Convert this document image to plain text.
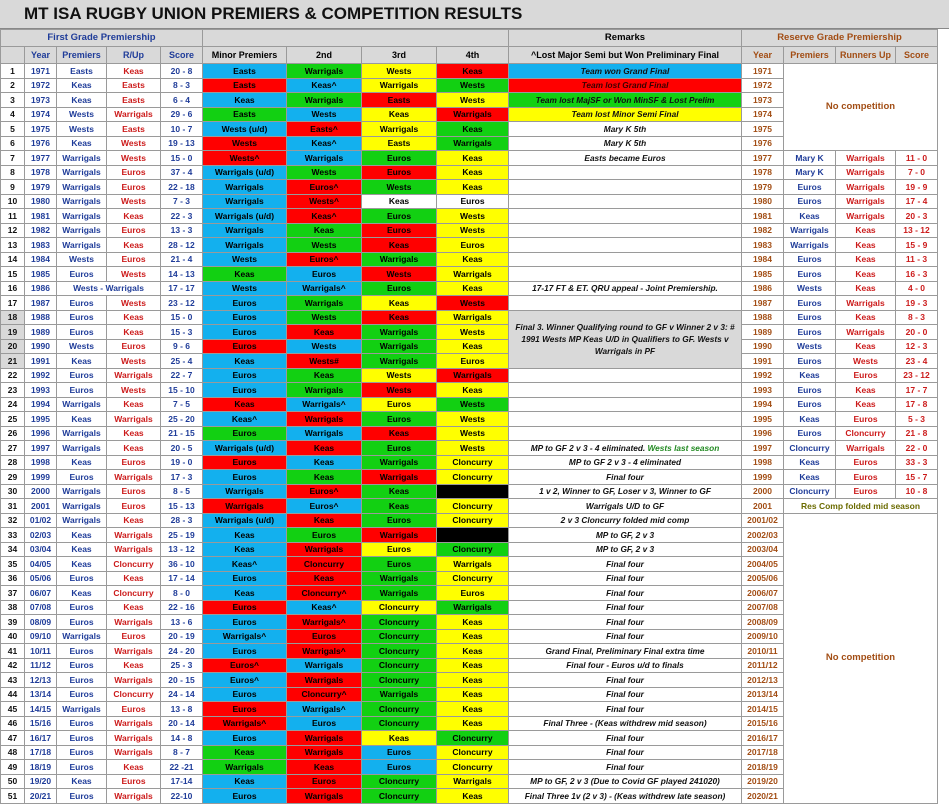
MT ISA RUGBY UNION PREMIERS & COMPETITION RESULTS
First Grade Premiership									Remarks	Reserve Grade Premiership			
	Year	Premiers	R/Up	Score	Minor Premiers	2nd	3rd	4th	^Lost Major Semi but Won Preliminary Final	Year	Premiers	Runners Up	Score
1	1971	Easts	Keas	20 - 8	Easts	Warrigals	Wests	Keas	Team won Grand Final	1971	No competition		
2	1972	Keas	Easts	8 - 3	Easts	Keas^	Warrigals	Wests	Team lost Grand Final	1972			
3	1973	Keas	Easts	6 - 4	Keas	Warrigals	Easts	Wests	Team lost MajSF or Won MinSF & Lost Prelim	1973			
4	1974	Wests	Warrigals	29 - 6	Easts	Wests	Keas	Warrigals	Team lost Minor Semi Final	1974			
5	1975	Wests	Easts	10 - 7	Wests (u/d)	Easts^	Warrigals	Keas	Mary K 5th	1975			
6	1976	Keas	Wests	19 - 13	Wests	Keas^	Easts	Warrigals	Mary K 5th	1976			
7	1977	Warrigals	Wests	15 - 0	Wests^	Warrigals	Euros	Keas	Easts became Euros	1977	Mary K	Warrigals	11 - 0
8	1978	Warrigals	Euros	37 - 4	Warrigals (u/d)	Wests	Euros	Keas		1978	Mary K	Warrigals	7 - 0
9	1979	Warrigals	Euros	22 - 18	Warrigals	Euros^	Wests	Keas		1979	Euros	Warrigals	19 - 9
10	1980	Warrigals	Wests	7 - 3	Warrigals	Wests^	Keas	Euros		1980	Euros	Warrigals	17 - 4
11	1981	Warrigals	Keas	22 - 3	Warrigals (u/d)	Keas^	Euros	Wests		1981	Keas	Warrigals	20 - 3
12	1982	Warrigals	Euros	13 - 3	Warrigals	Keas	Euros	Wests		1982	Warrigals	Keas	13 - 12
13	1983	Warrigals	Keas	28 - 12	Warrigals	Wests	Keas	Euros		1983	Warrigals	Keas	15 - 9
14	1984	Wests	Euros	21 - 4	Wests	Euros^	Warrigals	Keas		1984	Euros	Keas	11 - 3
15	1985	Euros	Wests	14 - 13	Keas	Euros	Wests	Warrigals		1985	Euros	Keas	16 - 3
16	1986	Wests - Warrigals		17 - 17	Wests	Warrigals^	Euros	Keas	17-17 FT & ET. QRU appeal - Joint Premiership.	1986	Wests	Keas	4 - 0
17	1987	Euros	Wests	23 - 12	Euros	Warrigals	Keas	Wests		1987	Euros	Warrigals	19 - 3
18	1988	Euros	Keas	15 - 0	Euros	Wests	Keas	Warrigals	Final 3. Winner Qualifying round to GF v Winner 2 v 3: # 1991 Wests MP Keas U/D in Qualifiers to GF. Wests v Warrigals in PF	1988	Euros	Keas	8 - 3
19	1989	Euros	Keas	15 - 3	Euros	Keas	Warrigals	Wests		1989	Euros	Warrigals	20 - 0
20	1990	Wests	Euros	9 - 6	Euros	Wests	Warrigals	Keas		1990	Wests	Keas	12 - 3
21	1991	Keas	Wests	25 - 4	Keas	Wests#	Warrigals	Euros		1991	Euros	Wests	23 - 4
22	1992	Euros	Warrigals	22 - 7	Euros	Keas	Wests	Warrigals		1992	Keas	Euros	23 - 12
23	1993	Euros	Wests	15 - 10	Euros	Warrigals	Wests	Keas		1993	Euros	Keas	17 - 7
24	1994	Warrigals	Keas	7 - 5	Keas	Warrigals^	Euros	Wests		1994	Euros	Keas	17 - 8
25	1995	Keas	Warrigals	25 - 20	Keas^	Warrigals	Euros	Wests		1995	Keas	Euros	5 - 3
26	1996	Warrigals	Keas	21 - 15	Euros	Warrigals	Keas	Wests		1996	Euros	Cloncurry	21 - 8
27	1997	Warrigals	Keas	20 - 5	Warrigals (u/d)	Keas	Euros	Wests	MP to GF 2 v 3 - 4 eliminated. Wests last season	1997	Cloncurry	Warrigals	22 - 0
28	1998	Keas	Euros	19 - 0	Euros	Keas	Warrigals	Cloncurry	MP to GF 2 v 3 - 4 eliminated	1998	Keas	Euros	33 - 3
29	1999	Euros	Warrigals	17 - 3	Euros	Keas	Warrigals	Cloncurry	Final four	1999	Keas	Euros	15 - 7
30	2000	Warrigals	Euros	8 - 5	Warrigals	Euros^	Keas		1 v 2, Winner to GF, Loser v 3, Winner to GF	2000	Cloncurry	Euros	10 - 8
31	2001	Warrigals	Euros	15 - 13	Warrigals	Euros^	Keas	Cloncurry	Warrigals U/D to GF	2001	Res Comp folded mid season		
32	01/02	Warrigals	Keas	28 - 3	Warrigals (u/d)	Keas	Euros	Cloncurry	2 v 3 Cloncurry folded mid comp	2001/02	No competition		
33	02/03	Keas	Warrigals	25 - 19	Keas	Euros	Warrigals		MP to GF, 2 v 3	2002/03			
34	03/04	Keas	Warrigals	13 - 12	Keas	Warrigals	Euros	Cloncurry	MP to GF, 2 v 3	2003/04			
35	04/05	Keas	Cloncurry	36 - 10	Keas^	Cloncurry	Euros	Warrigals	Final four	2004/05			
36	05/06	Euros	Keas	17 - 14	Euros	Keas	Warrigals	Cloncurry	Final four	2005/06			
37	06/07	Keas	Cloncurry	8 - 0	Keas	Cloncurry^	Warrigals	Euros	Final four	2006/07			
38	07/08	Euros	Keas	22 - 16	Euros	Keas^	Cloncurry	Warrigals	Final four	2007/08			
39	08/09	Euros	Warrigals	13 - 6	Euros	Warrigals^	Cloncurry	Keas	Final four	2008/09			
40	09/10	Warrigals	Euros	20 - 19	Warrigals^	Euros	Cloncurry	Keas	Final four	2009/10			
41	10/11	Euros	Warrigals	24 - 20	Euros	Warrigals^	Cloncurry	Keas	Grand Final, Preliminary Final extra time	2010/11			
42	11/12	Euros	Keas	25 - 3	Euros^	Warrigals	Cloncurry	Keas	Final four - Euros u/d to finals	2011/12			
43	12/13	Euros	Warrigals	20 - 15	Euros^	Warrigals	Cloncurry	Keas	Final four	2012/13			
44	13/14	Euros	Cloncurry	24 - 14	Euros	Cloncurry^	Warrigals	Keas	Final four	2013/14			
45	14/15	Warrigals	Euros	13 - 8	Euros	Warrigals^	Cloncurry	Keas	Final four	2014/15			
46	15/16	Euros	Warrigals	20 - 14	Warrigals^	Euros	Cloncurry	Keas	Final Three - (Keas withdrew mid season)	2015/16			
47	16/17	Euros	Warrigals	14 - 8	Euros	Warrigals	Keas	Cloncurry	Final four	2016/17			
48	17/18	Euros	Warrigals	8 - 7	Keas	Warrigals	Euros	Cloncurry	Final four	2017/18			
49	18/19	Euros	Keas	22 -21	Warrigals	Keas	Euros	Cloncurry	Final four	2018/19			
50	19/20	Keas	Euros	17-14	Keas	Euros	Cloncurry	Warrigals	MP to GF, 2 v 3 (Due to Covid GF played 241020)	2019/20			
51	20/21	Euros	Warrigals	22-10	Euros	Warrigals	Cloncurry	Keas	Final Three 1v (2 v 3) - (Keas withdrew late season)	2020/21			
